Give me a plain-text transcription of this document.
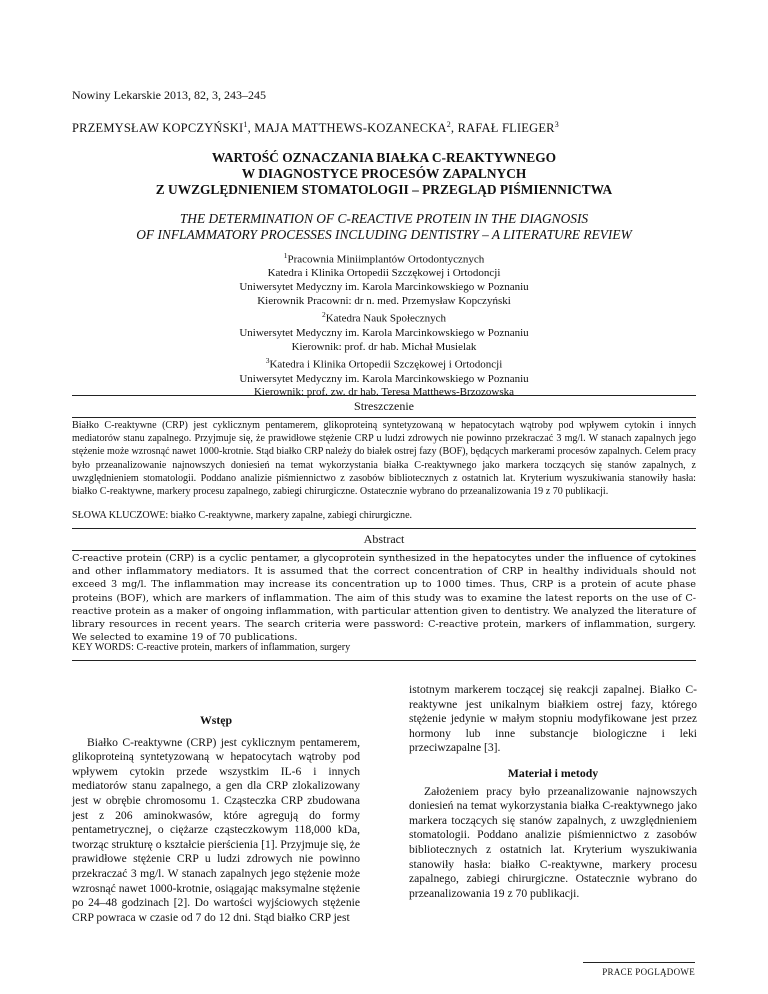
Nowiny Lekarskie 2013, 82, 3, 243–245
PRZEMYSŁAW KOPCZYŃSKI$^1$, MAJA MATTHEWS-KOZANECKA$^2$, RAFAŁ FLIEGER$^3$
WARTOŚĆ OZNACZANIA BIAŁKA C-REAKTYWNEGO
W DIAGNOSTYCE PROCESÓW ZAPALNYCH
Z UWZGLĘDNIENIEM STOMATOLOGII – PRZEGLĄD PIŚMIENNICTWA
THE DETERMINATION OF C-REACTIVE PROTEIN IN THE DIAGNOSIS
OF INFLAMMATORY PROCESSES INCLUDING DENTISTRY – A LITERATURE REVIEW
$^1$Pracownia Miniimplantów Ortodontycznych
Katedra i Klinika Ortopedii Szczękowej i Ortodoncji
Uniwersytet Medyczny im. Karola Marcinkowskiego w Poznaniu
Kierownik Pracowni: dr n. med. Przemysław Kopczyński
$^2$Katedra Nauk Społecznych
Uniwersytet Medyczny im. Karola Marcinkowskiego w Poznaniu
Kierownik: prof. dr hab. Michał Musielak
$^3$Katedra i Klinika Ortopedii Szczękowej i Ortodoncji
Uniwersytet Medyczny im. Karola Marcinkowskiego w Poznaniu
Kierownik: prof. zw. dr hab. Teresa Matthews-Brzozowska
Streszczenie
Białko C-reaktywne (CRP) jest cyklicznym pentamerem, glikoproteiną syntetyzowaną w hepatocytach wątroby pod wpływem cytokin i innych mediatorów stanu zapalnego. Przyjmuje się, że prawidłowe stężenie CRP u ludzi zdrowych nie powinno przekraczać 3 mg/l. W stanach zapalnych jego stężenie może wzrosnąć nawet 1000-krotnie. Stąd białko CRP należy do białek ostrej fazy (BOF), będących markerami procesów zapalnych. Celem pracy było przeanalizowanie najnowszych doniesień na temat wykorzystania białka C-reaktywnego jako markera toczących się stanów zapalnych, z uwzględnieniem stomatologii. Poddano analizie piśmiennictwo z zasobów bibliotecznych z ostatnich lat. Kryterium wyszukiwania stanowiły hasła: białko C-reaktywne, markery procesu zapalnego, zabiegi chirurgiczne. Ostatecznie wybrano do przeanalizowania 19 z 70 publikacji.
SŁOWA KLUCZOWE: białko C-reaktywne, markery zapalne, zabiegi chirurgiczne.
Abstract
C-reactive protein (CRP) is a cyclic pentamer, a glycoprotein synthesized in the hepatocytes under the influence of cytokines and other inflammatory mediators. It is assumed that the correct concentration of CRP in healthy individuals should not exceed 3 mg/l. The inflammation may increase its concentration up to 1000 times. Thus, CRP is a protein of acute phase proteins (BOF), which are markers of inflammation. The aim of this study was to examine the latest reports on the use of C-reactive protein as a maker of ongoing inflammation, with particular attention given to dentistry. We analyzed the literature of library resources in recent years. The search criteria were password: C-reactive protein, markers of inflammation, surgery. We selected to examine 19 of 70 publications.
KEY WORDS: C-reactive protein, markers of inflammation, surgery
Wstęp

Białko C-reaktywne (CRP) jest cyklicznym pentamerem, glikoproteiną syntetyzowaną w hepatocytach wątroby pod wpływem cytokin przede wszystkim IL-6 i innych mediatorów stanu zapalnego, a gen dla CRP zlokalizowany jest w obrębie chromosomu 1. Cząsteczka CRP zbudowana jest z 206 aminokwasów, które agregują do formy pentametrycznej, o ciężarze cząsteczkowym 118,000 kDa, tworząc strukturę o kształcie pierścienia [1]. Przyjmuje się, że prawidłowe stężenie CRP u ludzi zdrowych nie powinno przekraczać 3 mg/l. W stanach zapalnych jego stężenie może wzrosnąć nawet 1000-krotnie, osiągając maksymalne stężenie po 24–48 godzinach [2]. Do wartości wyjściowych stężenie CRP powraca w czasie od 7 do 12 dni. Stąd białko CRP jest

istotnym markerem toczącej się reakcji zapalnej. Białko C-reaktywne jest unikalnym białkiem ostrej fazy, którego stężenie jedynie w małym stopniu modyfikowane jest przez hormony lub inne substancje biologiczne i leki przeciwzapalne [3].

Materiał i metody

Założeniem pracy było przeanalizowanie najnowszych doniesień na temat wykorzystania białka C-reaktywnego jako markera toczących się stanów zapalnych, z uwzględnieniem stomatologii. Poddano analizie piśmiennictwo z zasobów bibliotecznych z ostatnich lat. Kryterium wyszukiwania stanowiły hasła: białko C-reaktywne, markery procesu zapalnego, zabiegi chirurgiczne. Ostatecznie wybrano do przeanalizowania 19 z 70 publikacji.

PRACE POGLĄDOWE
